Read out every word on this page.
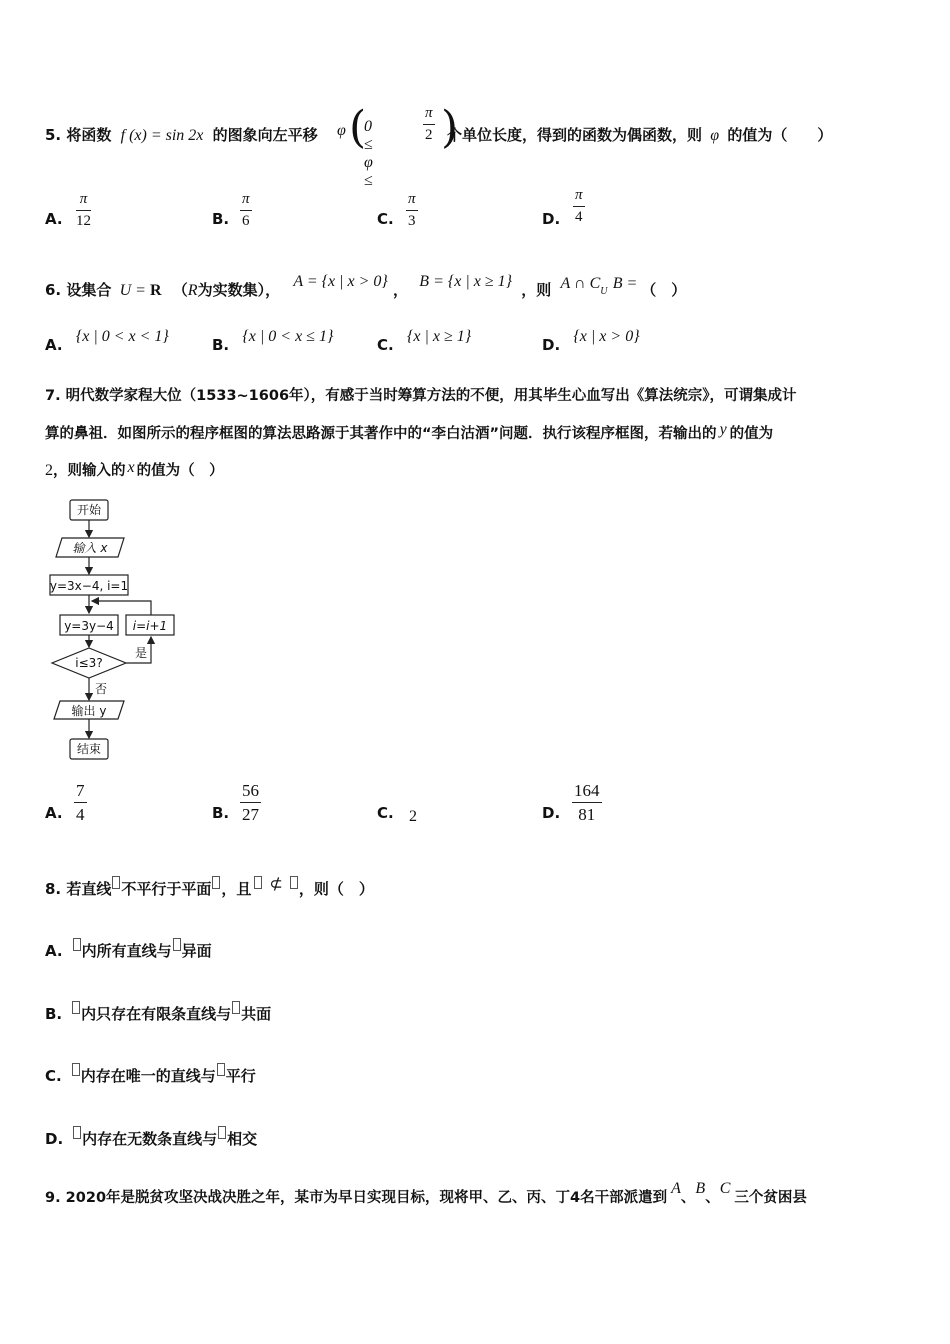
5. 将函数 f (x) = sin 2x 的图象向左平移 φ (
0 ≤ φ ≤
$\frac{\pi}{2}$ )
个单位长度，得到的函数为偶函数，则 φ 的值为（　　）
A. $\frac{\pi}{12}$	B. $\frac{\pi}{6}$	C. $\frac{\pi}{3}$	D. $\frac{\pi}{4}$
6. 设集合 U = R （R为实数集）， A = {x | x > 0} ， B = {x | x ≥ 1} ，则 A ∩ $C_U$ B = （　）
A. {x | 0 < x < 1}	B. {x | 0 < x ≤ 1}	C. {x | x ≥ 1}	D. {x | x > 0}
7. 明代数学家程大位（1533~1606年），有感于当时筹算方法的不便，用其毕生心血写出《算法统宗》，可谓集成计
算的鼻祖．如图所示的程序框图的算法思路源于其著作中的“李白沽酒”问题．执行该程序框图，若输出的 y 的值为
2，则输入的 x 的值为（　）
开始
输入 x
y=3x−4, i=1
y=3y−4 i=i+1
i≤3?
是
否
输出 y
结束
A. $\frac{7}{4}$	B. $\frac{56}{27}$	C. 2	D. $\frac{164}{81}$
8. 若直线 不平行于平面 ，且 ⊄ ，则（　）
A. 内所有直线与 异面
B. 内只存在有限条直线与 共面
C. 内存在唯一的直线与 平行
D. 内存在无数条直线与 相交
9. 2020年是脱贫攻坚决战决胜之年，某市为早日实现目标，现将甲、乙、丙、丁4名干部派遣到A、B、C三个贫困县
